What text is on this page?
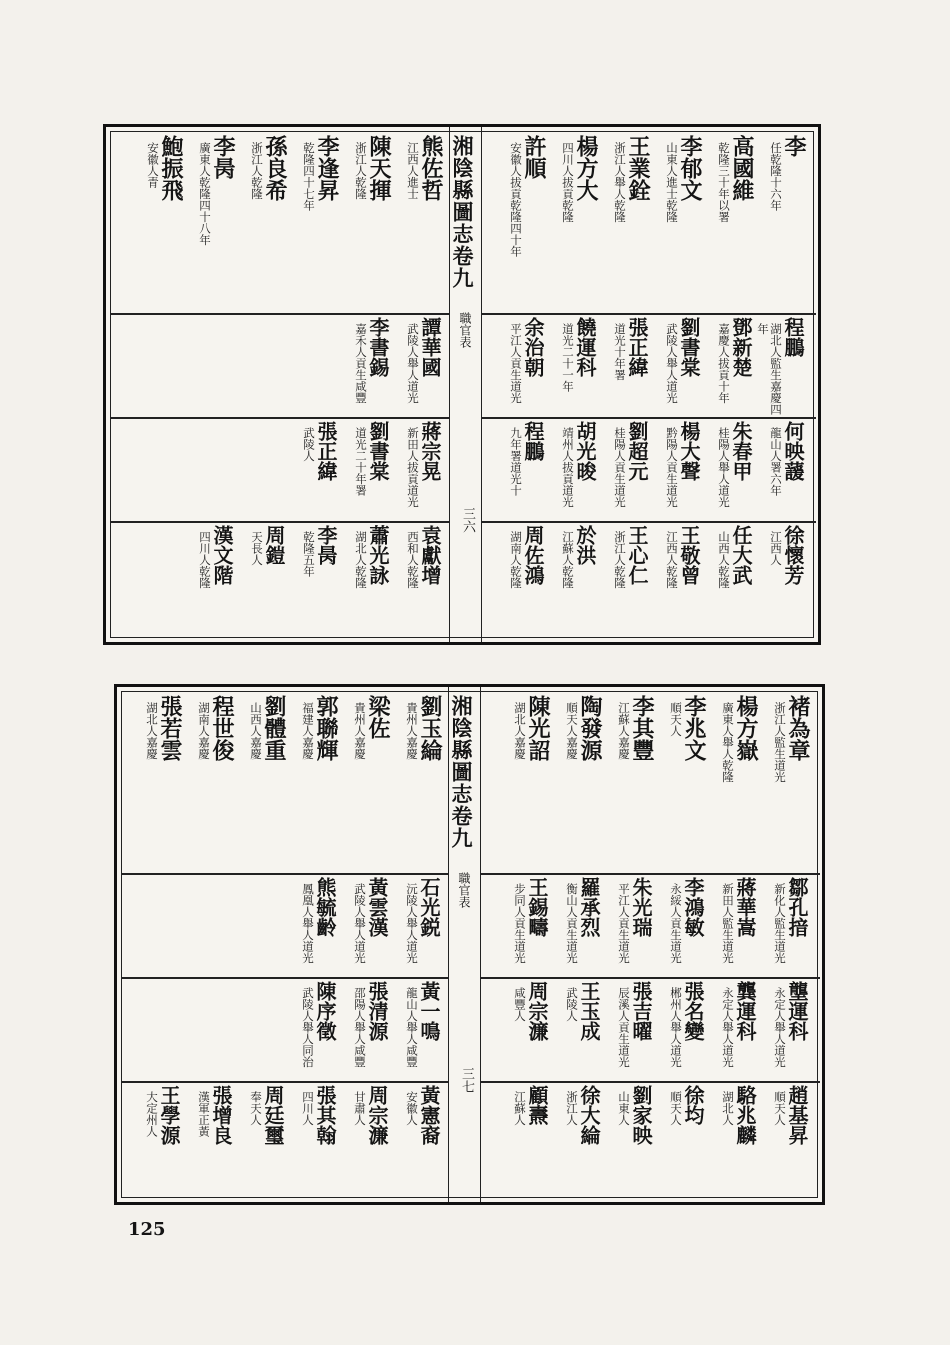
湘陰縣圖志
卷九
職官表
三六
李
任乾隆十六年
高國維
乾隆三十年以署
李郁文
山東人進士乾隆
王業銓
浙江人舉人乾隆
楊方大
四川人拔貢乾隆
許順
安徽人拔貢乾隆四十年
熊佐哲
江西人進士
陳天揮
浙江人乾隆
李逢昇
乾隆四十七年
孫良希
浙江人乾隆
李昺
廣東人乾隆四十八年
鮑振飛
安徽人青
程鵬
湖北人監生嘉慶四年
鄧新楚
嘉慶人拔貢十年
劉書棠
武陵人舉人道光
張正緯
道光十年署
饒運科
道光二十一年
余治朝
平江人貢生道光
譚華國
武陵人舉人道光
李書錫
嘉禾人貢生咸豐
何映蘐
龍山人署六年
朱春甲
桂陽人舉人道光
楊大聲
黔陽人貢生道光
劉超元
桂陽人貢生道光
胡光晙
靖州人拔貢道光
程鵬
九年署道光十
蔣宗晃
新田人拔貢道光
劉書棠
道光二十年署
張正緯
武陵人
徐懷芳
江西人
任大武
山西人乾隆
王敬曾
江西人乾隆
王心仁
浙江人乾隆
於洪
江蘇人乾隆
周佐鴻
湖南人乾隆
袁獻增
西和人乾隆
蕭光詠
湖北人乾隆
李昺
乾隆五年
周鎧
天長人
漢文階
四川人乾隆
湘陰縣圖志
卷九
職官表
三七
褚為章
浙江人監生道光
楊方嶽
廣東人舉人乾隆
李兆文
順天人
李其豐
江蘇人嘉慶
陶發源
順天人嘉慶
陳光詔
湖北人嘉慶
劉玉綸
貴州人嘉慶
梁佐
貴州人嘉慶
郭聯輝
福建人嘉慶
劉體重
山西人嘉慶
程世俊
湖南人嘉慶
張若雲
湖北人嘉慶
鄒孔揞
新化人監生道光
蔣華嵩
新田人監生道光
李鴻敏
永綏人貢生道光
朱光瑞
平江人貢生道光
羅承烈
衡山人貢生道光
王錫疇
步同人貢生道光
石光鋭
沅陵人舉人道光
黃雲漢
武陵人舉人道光
熊毓齡
鳳凰人舉人道光
壟運科
永定人舉人道光
龔運科
永定人舉人道光
張名變
郴州人舉人道光
張吉曜
辰溪人貢生道光
王玉成
武陵人
周宗濂
咸豐人
黃一鳴
龍山人舉人咸豐
張清源
邵陽人舉人咸豐
陳序徵
武陵人舉人同治
趙基昇
順天人
駱兆麟
湖北人
徐均
順天人
劉家映
山東人
徐大綸
浙江人
顧燾
江蘇人
黃憲裔
安徽人
周宗濂
甘肅人
張其翰
四川人
周廷璽
奉天人
張增良
漢軍正黃
王學源
大定州人
125
